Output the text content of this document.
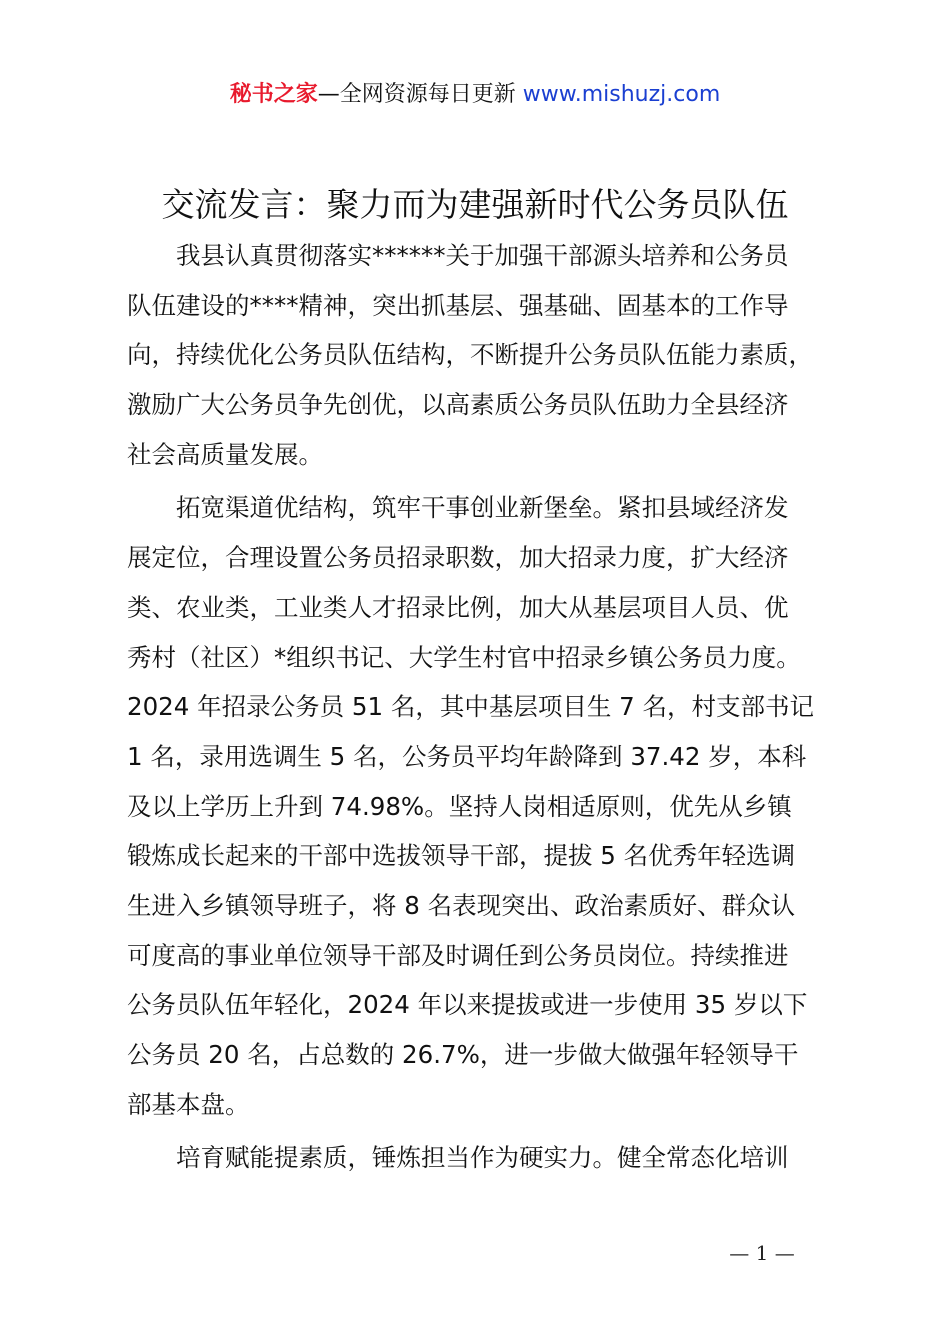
秘书之家—全网资源每日更新 www.mishuzj.com
交流发言：聚力而为建强新时代公务员队伍
　　我县认真贯彻落实******关于加强干部源头培养和公务员
队伍建设的****精神，突出抓基层、强基础、固基本的工作导
向，持续优化公务员队伍结构，不断提升公务员队伍能力素质，
激励广大公务员争先创优，以高素质公务员队伍助力全县经济
社会高质量发展。
　　拓宽渠道优结构，筑牢干事创业新堡垒。紧扣县域经济发
展定位，合理设置公务员招录职数，加大招录力度，扩大经济
类、农业类，工业类人才招录比例，加大从基层项目人员、优
秀村（社区）*组织书记、大学生村官中招录乡镇公务员力度。
2024 年招录公务员 51 名，其中基层项目生 7 名，村支部书记
1 名，录用选调生 5 名，公务员平均年龄降到 37.42 岁，本科
及以上学历上升到 74.98%。坚持人岗相适原则，优先从乡镇
锻炼成长起来的干部中选拔领导干部，提拔 5 名优秀年轻选调
生进入乡镇领导班子，将 8 名表现突出、政治素质好、群众认
可度高的事业单位领导干部及时调任到公务员岗位。持续推进
公务员队伍年轻化，2024 年以来提拔或进一步使用 35 岁以下
公务员 20 名，占总数的 26.7%，进一步做大做强年轻领导干
部基本盘。
　　培育赋能提素质，锤炼担当作为硬实力。健全常态化培训
— 1 —
